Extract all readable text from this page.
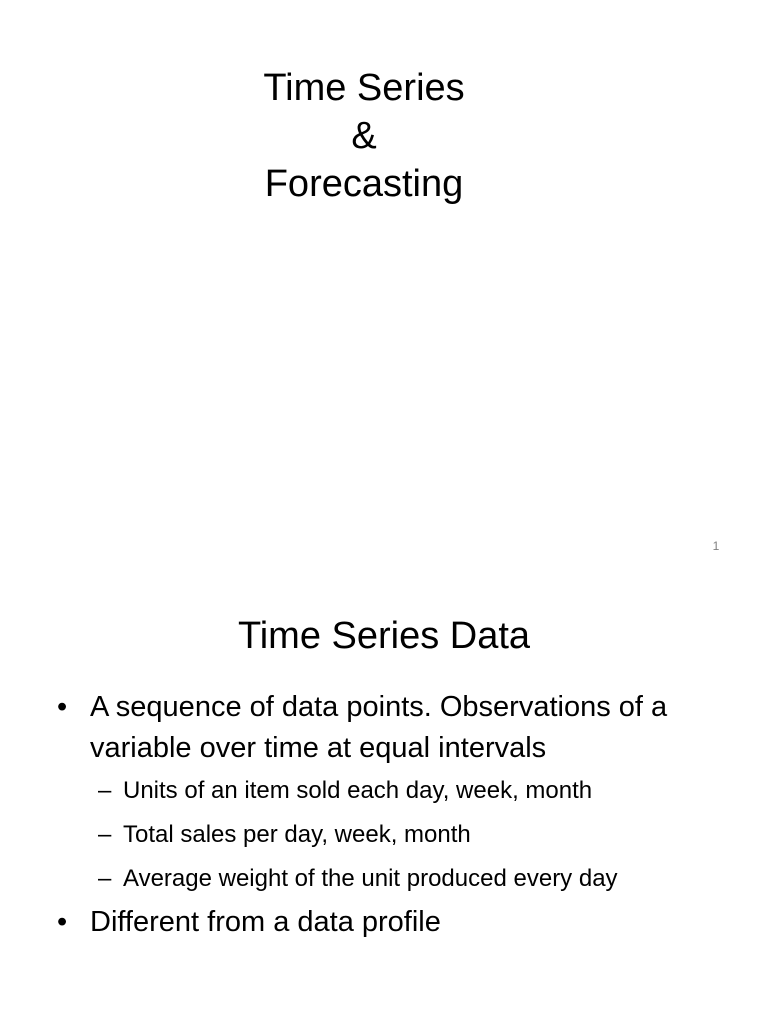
Time Series
&
Forecasting
1
Time Series Data
• A sequence of data points. Observations of a variable over time at equal intervals
– Units of an item sold each day, week, month
– Total sales per day, week, month
– Average weight of the unit produced every day
• Different from a data profile
